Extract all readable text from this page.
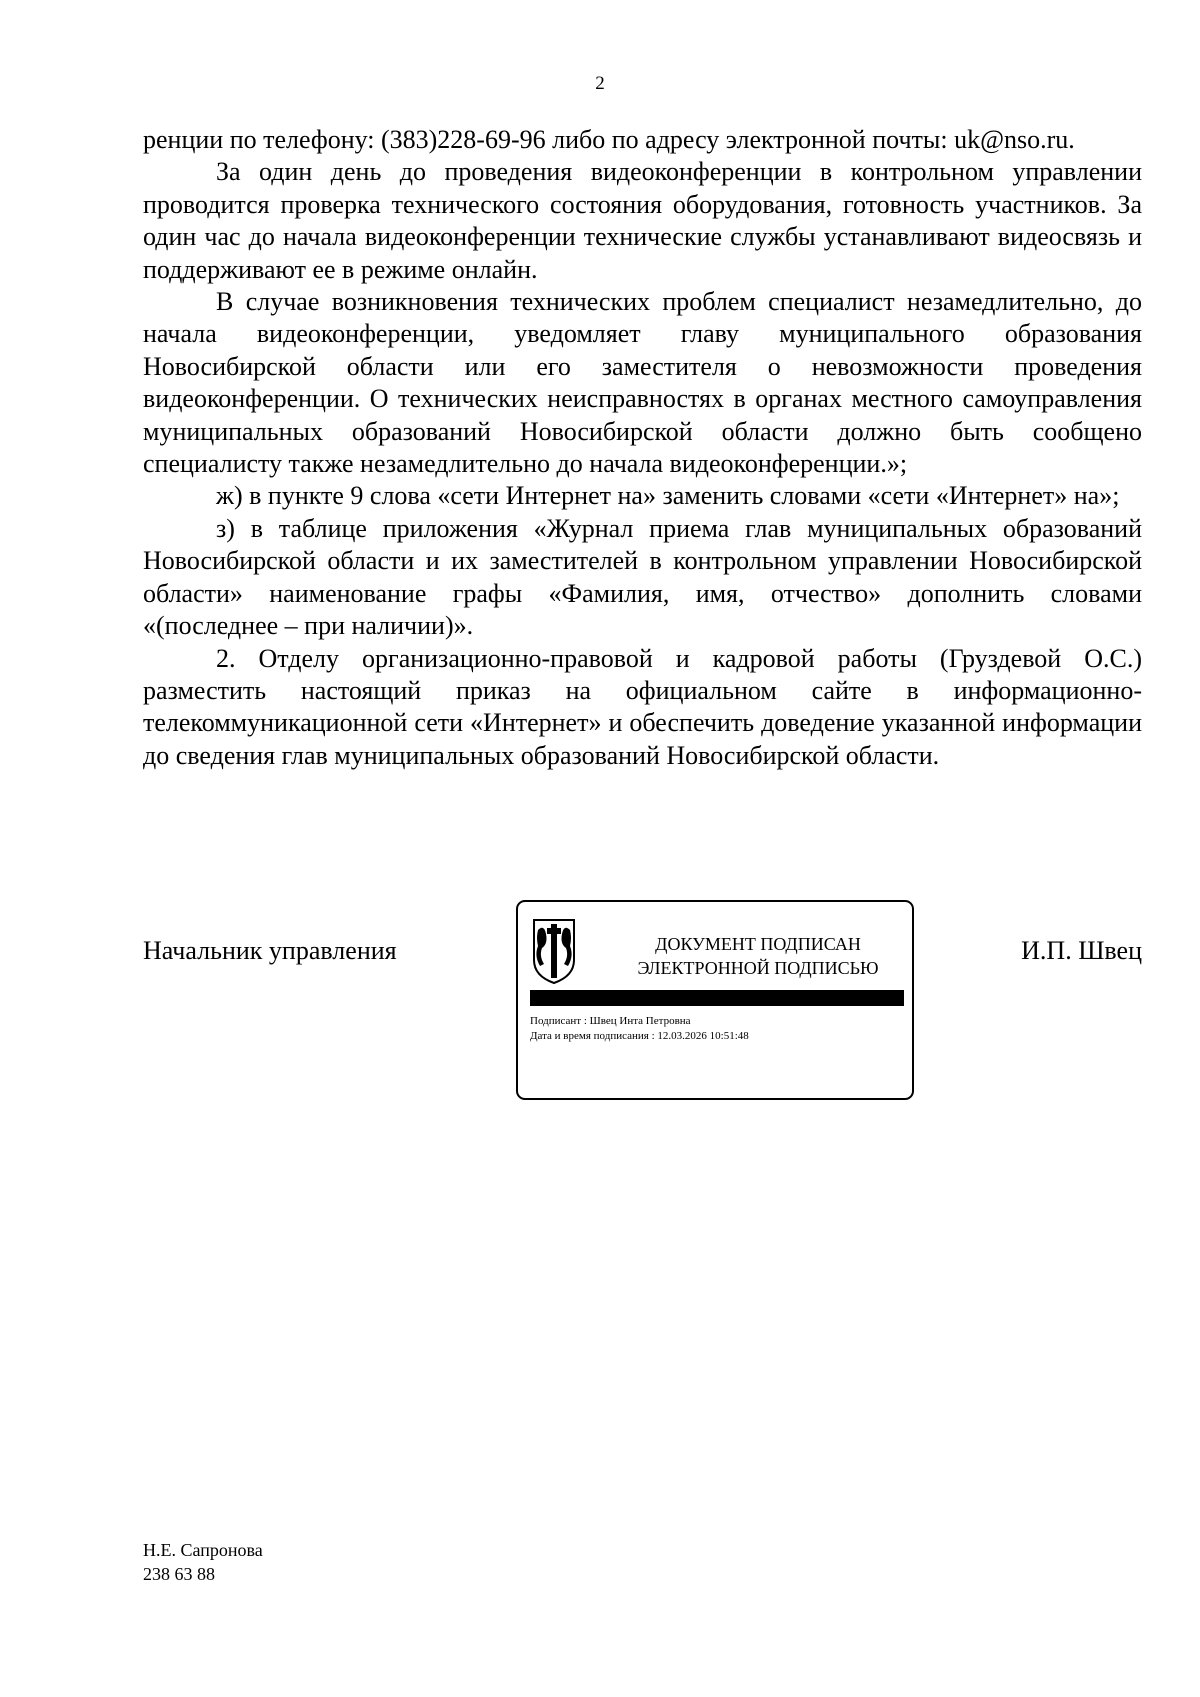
2

ренции по телефону: (383)228-69-96 либо по адресу электронной почты: uk@nso.ru.

За один день до проведения видеоконференции в контрольном управлении проводится проверка технического состояния оборудования, готовность участников. За один час до начала видеоконференции технические службы устанавливают видеосвязь и поддерживают ее в режиме онлайн.

В случае возникновения технических проблем специалист незамедлительно, до начала видеоконференции, уведомляет главу муниципального образования Новосибирской области или его заместителя о невозможности проведения видеоконференции. О технических неисправностях в органах местного самоуправления муниципальных образований Новосибирской области должно быть сообщено специалисту также незамедлительно до начала видеоконференции.»;

ж) в пункте 9 слова «сети Интернет на» заменить словами «сети «Интернет» на»;

з) в таблице приложения «Журнал приема глав муниципальных образований Новосибирской области и их заместителей в контрольном управлении Новосибирской области» наименование графы «Фамилия, имя, отчество» дополнить словами «(последнее – при наличии)».

2. Отделу организационно-правовой и кадровой работы (Груздевой О.С.) разместить настоящий приказ на официальном сайте в информационно-телекоммуникационной сети «Интернет» и обеспечить доведение указанной информации до сведения глав муниципальных образований Новосибирской области.

Начальник управления	ДОКУМЕНТ ПОДПИСАН
ЭЛЕКТРОННОЙ ПОДПИСЬЮ
Подписант : Швец Инта Петровна
Дата и время подписания : 12.03.2026 10:51:48
И.П. Швец
Н.Е. Сапронова
238 63 88
